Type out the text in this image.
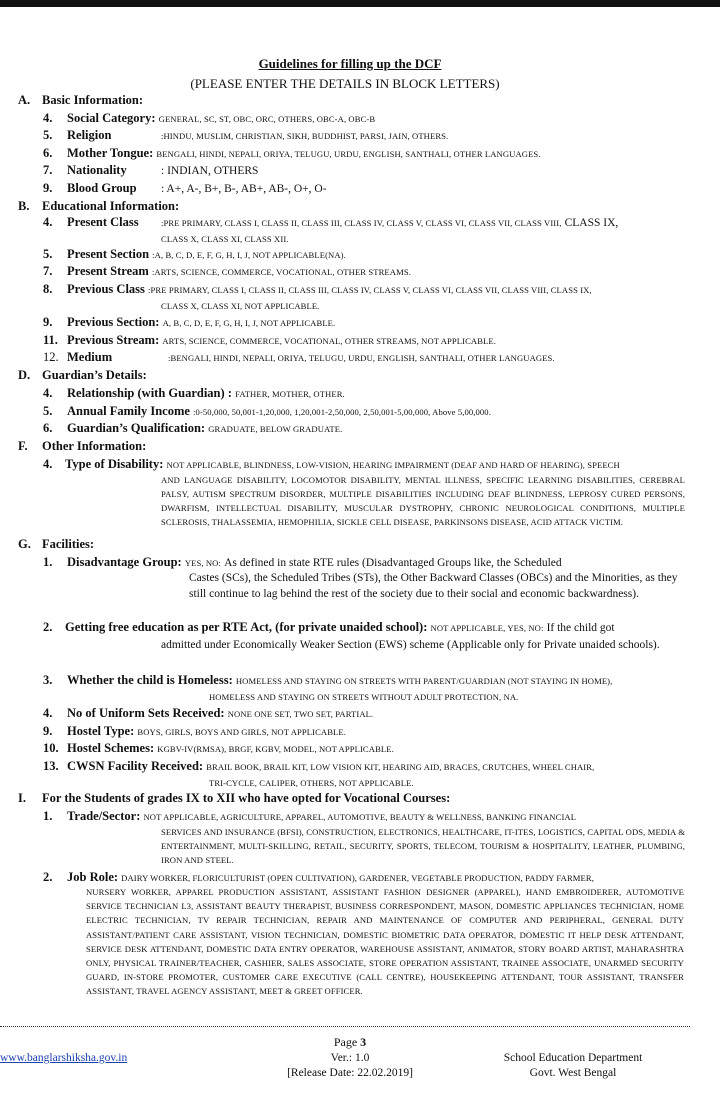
Guidelines for filling up the DCF
(PLEASE ENTER THE DETAILS IN BLOCK LETTERS)
A. Basic Information:
4. Social Category: GENERAL, SC, ST, OBC, ORC, OTHERS, OBC-A, OBC-B
5. Religion	:HINDU, MUSLIM, CHRISTIAN, SIKH, BUDDHIST, PARSI, JAIN, OTHERS.
6. Mother Tongue: BENGALI, HINDI, NEPALI, ORIYA, TELUGU, URDU, ENGLISH, SANTHALI, OTHER LANGUAGES.
7. Nationality	: INDIAN, OTHERS
9. Blood Group : A+, A-, B+, B-, AB+, AB-, O+, O-
B. Educational Information:
4. Present Class	:PRE PRIMARY, CLASS I, CLASS II, CLASS III, CLASS IV, CLASS V, CLASS VI, CLASS VII, CLASS VIII, CLASS IX,
CLASS X, CLASS XI, CLASS XII.
5. Present Section :A, B, C, D, E, F, G, H, I, J, NOT APPLICABLE(NA).
7. Present Stream :ARTS, SCIENCE, COMMERCE, VOCATIONAL, OTHER STREAMS.
8. Previous Class :PRE PRIMARY, CLASS I, CLASS II, CLASS III, CLASS IV, CLASS V, CLASS VI, CLASS VII, CLASS VIII, CLASS IX,
CLASS X, CLASS XI, NOT APPLICABLE.
9. Previous Section: A, B, C, D, E, F, G, H, I, J, NOT APPLICABLE.
11. Previous Stream: ARTS, SCIENCE, COMMERCE, VOCATIONAL, OTHER STREAMS, NOT APPLICABLE.
12. Medium	:BENGALI, HINDI, NEPALI, ORIYA, TELUGU, URDU, ENGLISH, SANTHALI, OTHER LANGUAGES.
D. Guardian’s Details:
4. Relationship (with Guardian) : FATHER, MOTHER, OTHER.
5. Annual Family Income :0-50,000, 50,001-1,20,000, 1,20,001-2,50,000, 2,50,001-5,00,000, Above 5,00,000.
6. Guardian’s Qualification: GRADUATE, BELOW GRADUATE.
F. Other Information:
4. Type of Disability: NOT APPLICABLE, BLINDNESS, LOW-VISION, HEARING IMPAIRMENT (DEAF AND HARD OF HEARING), SPEECH
AND LANGUAGE DISABILITY, LOCOMOTOR DISABILITY, MENTAL ILLNESS, SPECIFIC LEARNING DISABILITIES, CEREBRAL PALSY, AUTISM SPECTRUM DISORDER, MULTIPLE DISABILITIES INCLUDING DEAF BLINDNESS, LEPROSY CURED PERSONS, DWARFISM, INTELLECTUAL DISABILITY, MUSCULAR DYSTROPHY, CHRONIC NEUROLOGICAL CONDITIONS, MULTIPLE SCLEROSIS, THALASSEMIA, HEMOPHILIA, SICKLE CELL DISEASE, PARKINSONS DISEASE, ACID ATTACK VICTIM.
G. Facilities:
1. Disadvantage Group: YES, NO: As defined in state RTE rules (Disadvantaged Groups like, the Scheduled
Castes (SCs), the Scheduled Tribes (STs), the Other Backward Classes (OBCs) and the Minorities, as they still continue to lag behind the rest of the society due to their social and economic backwardness).
2. Getting free education as per RTE Act, (for private unaided school): NOT APPLICABLE, YES, NO: If the child got
admitted under Economically Weaker Section (EWS) scheme (Applicable only for Private unaided schools).
3. Whether the child is Homeless: HOMELESS AND STAYING ON STREETS WITH PARENT/GUARDIAN (NOT STAYING IN HOME),
HOMELESS AND STAYING ON STREETS WITHOUT ADULT PROTECTION, NA.
4. No of Uniform Sets Received: NONE ONE SET, TWO SET, PARTIAL.
9. Hostel Type: BOYS, GIRLS, BOYS AND GIRLS, NOT APPLICABLE.
10. Hostel Schemes: KGBV-IV(RMSA), BRGF, KGBV, MODEL, NOT APPLICABLE.
13. CWSN Facility Received: BRAIL BOOK, BRAIL KIT, LOW VISION KIT, HEARING AID, BRACES, CRUTCHES, WHEEL CHAIR,
TRI-CYCLE, CALIPER, OTHERS, NOT APPLICABLE.
I. For the Students of grades IX to XII who have opted for Vocational Courses:
1. Trade/Sector: NOT APPLICABLE, AGRICULTURE, APPAREL, AUTOMOTIVE, BEAUTY & WELLNESS, BANKING FINANCIAL
SERVICES AND INSURANCE (BFSI), CONSTRUCTION, ELECTRONICS, HEALTHCARE, IT-ITES, LOGISTICS, CAPITAL ODS, MEDIA & ENTERTAINMENT, MULTI-SKILLING, RETAIL, SECURITY, SPORTS, TELECOM, TOURISM & HOSPITALITY, LEATHER, PLUMBING, IRON AND STEEL.
2. Job Role: DAIRY WORKER, FLORICULTURIST (OPEN CULTIVATION), GARDENER, VEGETABLE PRODUCTION, PADDY FARMER,
NURSERY WORKER, APPAREL PRODUCTION ASSISTANT, ASSISTANT FASHION DESIGNER (APPAREL), HAND EMBROIDERER, AUTOMOTIVE SERVICE TECHNICIAN L3, ASSISTANT BEAUTY THERAPIST, BUSINESS CORRESPONDENT, MASON, DOMESTIC APPLIANCES TECHNICIAN, HOME ELECTRIC TECHNICIAN, TV REPAIR TECHNICIAN, REPAIR AND MAINTENANCE OF COMPUTER AND PERIPHERAL, GENERAL DUTY ASSISTANT/PATIENT CARE ASSISTANT, VISION TECHNICIAN, DOMESTIC BIOMETRIC DATA OPERATOR, DOMESTIC IT HELP DESK ATTENDANT, SERVICE DESK ATTENDANT, DOMESTIC DATA ENTRY OPERATOR, WAREHOUSE ASSISTANT, ANIMATOR, STORY BOARD ARTIST, MAHARASHTRA ONLY, PHYSICAL TRAINER/TEACHER, CASHIER, SALES ASSOCIATE, STORE OPERATION ASSISTANT, TRAINEE ASSOCIATE, UNARMED SECURITY GUARD, IN-STORE PROMOTER, CUSTOMER CARE EXECUTIVE (CALL CENTRE), HOUSEKEEPING ATTENDANT, TOUR ASSISTANT, TRANSFER ASSISTANT, TRAVEL AGENCY ASSISTANT, MEET & GREET OFFICER.
Page 3
www.banglarshiksha.gov.in	Ver.: 1.0
[Release Date: 22.02.2019]
School Education Department
Govt. West Bengal
